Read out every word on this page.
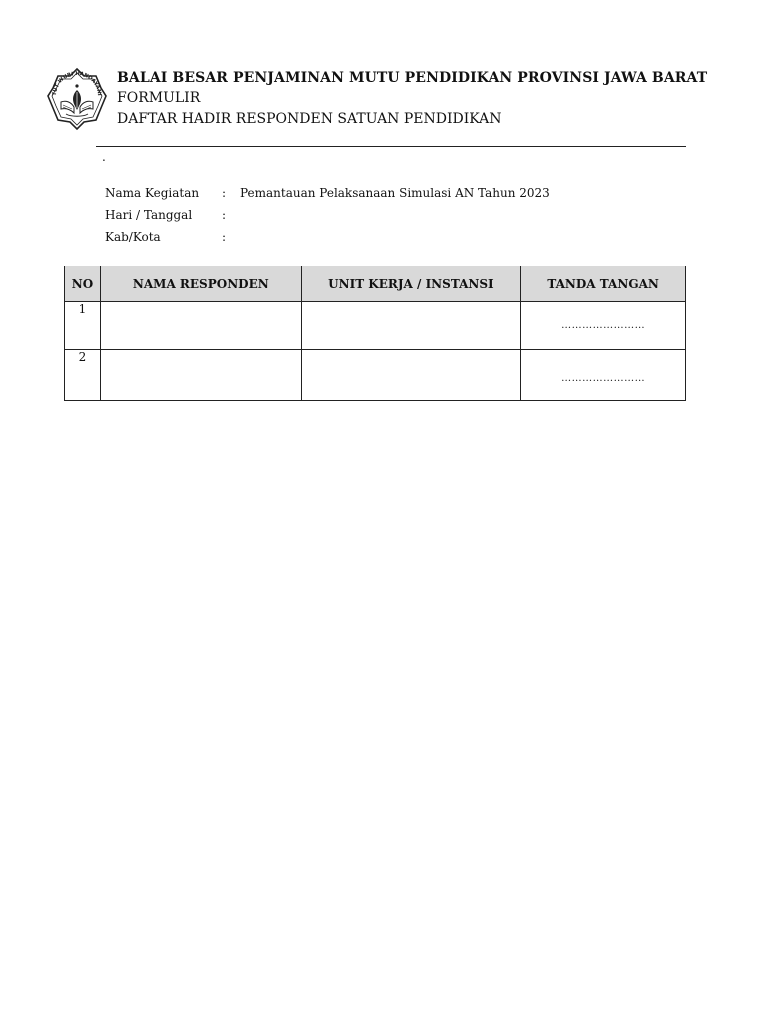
TUT WURI HANDAYANI
BALAI BESAR PENJAMINAN MUTU PENDIDIKAN PROVINSI JAWA BARAT
FORMULIR
DAFTAR HADIR RESPONDEN SATUAN PENDIDIKAN
.
Nama Kegiatan	: Pemantauan Pelaksanaan Simulasi AN Tahun 2023
Hari / Tanggal	:
Kab/Kota	:
NO	NAMA RESPONDEN	UNIT KERJA / INSTANSI	TANDA TANGAN
1			……………………
2			……………………
